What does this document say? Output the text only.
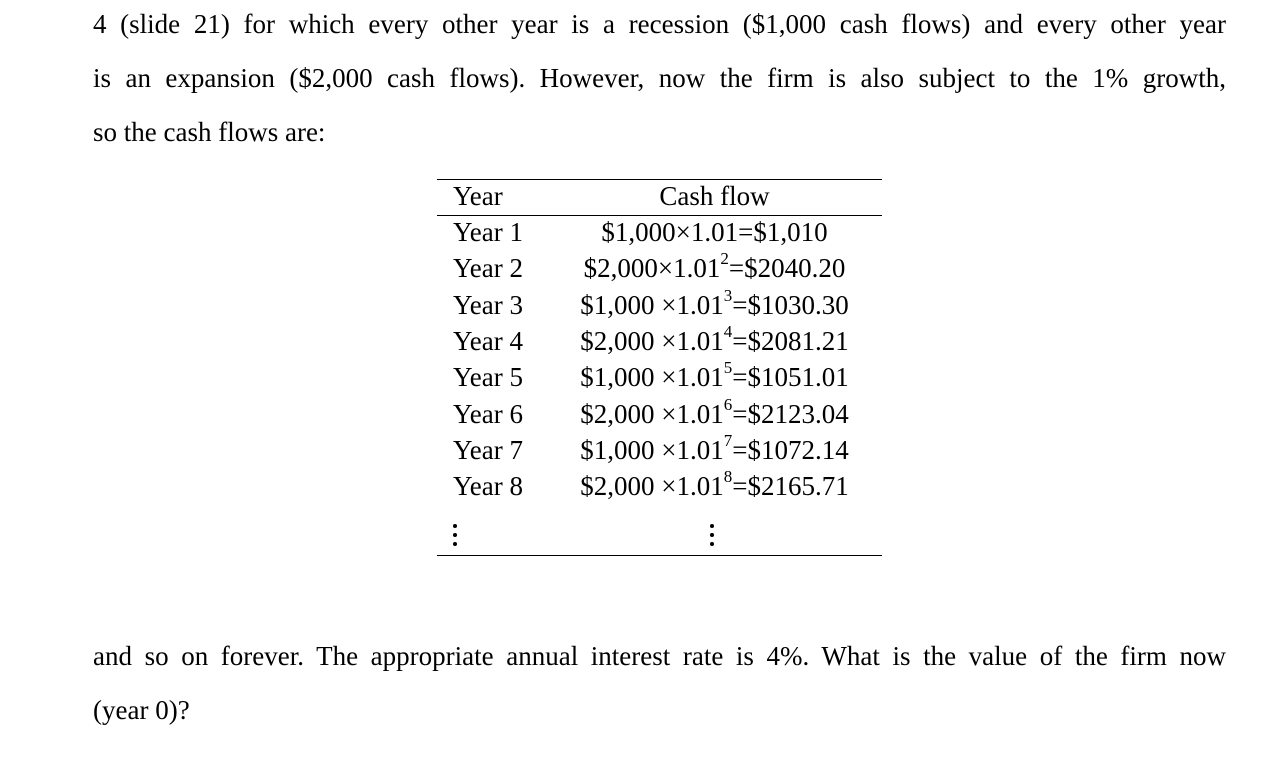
4 (slide 21) for which every other year is a recession ($1,000 cash flows) and every other year
is an expansion ($2,000 cash flows). However, now the firm is also subject to the 1% growth,
so the cash flows are:
Year	Cash flow
Year 1	$1,000×1.01=$1,010
Year 2	$\$2,000\times 1.01^2=\$2040.20$
Year 3	$1,000 $\times 1.01^3=\$1030.30$
Year 4	$2,000 $\times 1.01^4=\$2081.21$
Year 5	$1,000 $\times 1.01^5=\$1051.01$
Year 6	$2,000 $\times 1.01^6=\$2123.04$
Year 7	$1,000 $\times 1.01^7=\$1072.14$
Year 8	$2,000 $\times 1.01^8=\$2165.71$
and so on forever. The appropriate annual interest rate is 4%. What is the value of the firm now
(year 0)?
